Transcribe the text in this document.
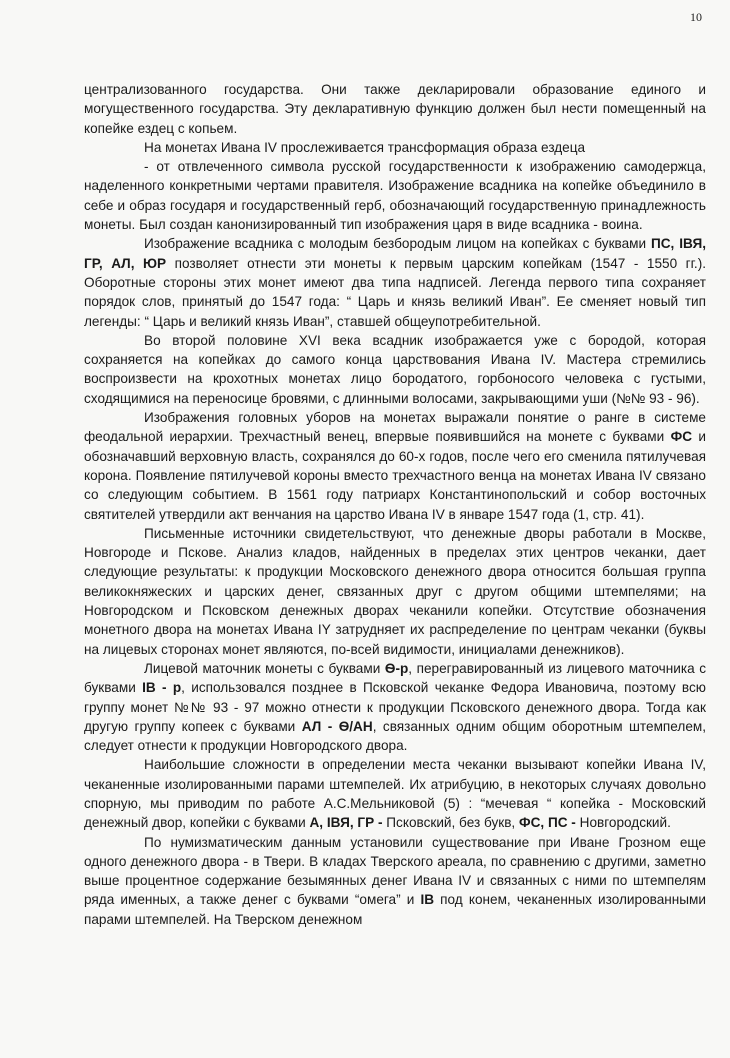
10

централизованного государства. Они также декларировали образование единого и могущественного государства. Эту декларативную функцию должен был нести помещенный на копейке ездец с копьем.

На монетах Ивана IV прослеживается трансформация образа ездеца

- от отвлеченного символа русской государственности к изображению самодержца, наделенного конкретными чертами правителя. Изображение всадника на копейке объединило в себе и образ государя и государственный герб, обозначающий государственную принадлежность монеты. Был создан канонизированный тип изображения царя в виде всадника - воина.

Изображение всадника с молодым безбородым лицом на копейках с буквами ПС, IВЯ, ГР, АЛ, ЮР позволяет отнести эти монеты к первым царским копейкам (1547 - 1550 гг.). Оборотные стороны этих монет имеют два типа надписей. Легенда первого типа сохраняет порядок слов, принятый до 1547 года: “ Царь и князь великий Иван”. Ее сменяет новый тип легенды: “ Царь и великий князь Иван”, ставшей общеупотребительной.

Во второй половине XVI века всадник изображается уже с бородой, которая сохраняется на копейках до самого конца царствования Ивана IV. Мастера стремились воспроизвести на крохотных монетах лицо бородатого, горбоносого человека с густыми, сходящимися на переносице бровями, с длинными волосами, закрывающими уши (№№ 93 - 96).

Изображения головных уборов на монетах выражали понятие о ранге в системе феодальной иерархии. Трехчастный венец, впервые появившийся на монете с буквами ФС и обозначавший верховную власть, сохранялся до 60-х годов, после чего его сменила пятилучевая корона. Появление пятилучевой короны вместо трехчастного венца на монетах Ивана IV связано со следующим событием. В 1561 году патриарх Константинопольский и собор восточных святителей утвердили акт венчания на царство Ивана IV в январе 1547 года (1, стр. 41).

Письменные источники свидетельствуют, что денежные дворы работали в Москве, Новгороде и Пскове. Анализ кладов, найденных в пределах этих центров чеканки, дает следующие результаты: к продукции Московского денежного двора относится большая группа великокняжеских и царских денег, связанных друг с другом общими штемпелями; на Новгородском и Псковском денежных дворах чеканили копейки. Отсутствие обозначения монетного двора на монетах Ивана IY затрудняет их распределение по центрам чеканки (буквы на лицевых сторонах монет являются, по-всей видимости, инициалами денежников).

Лицевой маточник монеты с буквами Ѳ-р, перегравированный из лицевого маточника с буквами IВ - р, использовался позднее в Псковской чеканке Федора Ивановича, поэтому всю группу монет №№ 93 - 97 можно отнести к продукции Псковского денежного двора. Тогда как другую группу копеек с буквами АЛ - Ѳ/АН, связанных одним общим оборотным штемпелем, следует отнести к продукции Новгородского двора.

Наибольшие сложности в определении места чеканки вызывают копейки Ивана IV, чеканенные изолированными парами штемпелей. Их атрибуцию, в некоторых случаях довольно спорную, мы приводим по работе А.С.Мельниковой (5) : “мечевая “ копейка - Московский денежный двор, копейки с буквами А, IВЯ, ГР - Псковский, без букв, ФС, ПС - Новгородский.

По нумизматическим данным установили существование при Иване Грозном еще одного денежного двора - в Твери. В кладах Тверского ареала, по сравнению с другими, заметно выше процентное содержание безымянных денег Ивана IV и связанных с ними по штемпелям ряда именных, а также денег с буквами “омега” и IВ под конем, чеканенных изолированными парами штемпелей. На Тверском денежном
